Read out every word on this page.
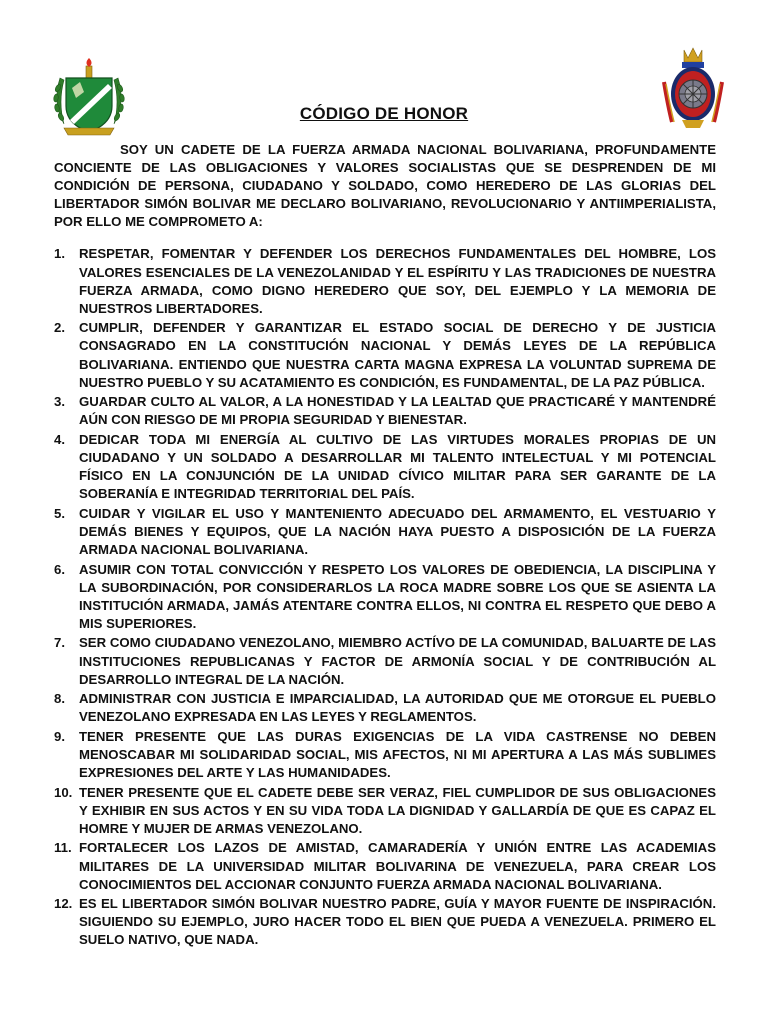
CÓDIGO DE HONOR

SOY UN CADETE DE LA FUERZA ARMADA NACIONAL BOLIVARIANA, PROFUNDAMENTE CONCIENTE DE LAS OBLIGACIONES Y VALORES SOCIALISTAS QUE SE DESPRENDEN DE MI CONDICIÓN DE PERSONA, CIUDADANO Y SOLDADO, COMO HEREDERO DE LAS GLORIAS DEL LIBERTADOR SIMÓN BOLIVAR ME DECLARO BOLIVARIANO, REVOLUCIONARIO Y ANTIIMPERIALISTA, POR ELLO ME COMPROMETO A:

1. RESPETAR, FOMENTAR Y DEFENDER LOS DERECHOS FUNDAMENTALES DEL HOMBRE, LOS VALORES ESENCIALES DE LA VENEZOLANIDAD Y EL ESPÍRITU Y LAS TRADICIONES DE NUESTRA FUERZA ARMADA, COMO DIGNO HEREDERO QUE SOY, DEL EJEMPLO Y LA MEMORIA DE NUESTROS LIBERTADORES.
2. CUMPLIR, DEFENDER Y GARANTIZAR EL ESTADO SOCIAL DE DERECHO Y DE JUSTICIA CONSAGRADO EN LA CONSTITUCIÓN NACIONAL Y DEMÁS LEYES DE LA REPÚBLICA BOLIVARIANA. ENTIENDO QUE NUESTRA CARTA MAGNA EXPRESA LA VOLUNTAD SUPREMA DE NUESTRO PUEBLO Y SU ACATAMIENTO ES CONDICIÓN, ES FUNDAMENTAL, DE LA PAZ PÚBLICA.
3. GUARDAR CULTO AL VALOR, A LA HONESTIDAD Y LA LEALTAD QUE PRACTICARÉ Y MANTENDRÉ AÚN CON RIESGO DE MI PROPIA SEGURIDAD Y BIENESTAR.
4. DEDICAR TODA MI ENERGÍA AL CULTIVO DE LAS VIRTUDES MORALES PROPIAS DE UN CIUDADANO Y UN SOLDADO A DESARROLLAR MI TALENTO INTELECTUAL Y MI POTENCIAL FÍSICO EN LA CONJUNCIÓN DE LA UNIDAD CÍVICO MILITAR PARA SER GARANTE DE LA SOBERANÍA E INTEGRIDAD TERRITORIAL DEL PAÍS.
5. CUIDAR Y VIGILAR EL USO Y MANTENIENTO ADECUADO DEL ARMAMENTO, EL VESTUARIO Y DEMÁS BIENES Y EQUIPOS, QUE LA NACIÓN HAYA PUESTO A DISPOSICIÓN DE LA FUERZA ARMADA NACIONAL BOLIVARIANA.
6. ASUMIR CON TOTAL CONVICCIÓN Y RESPETO LOS VALORES DE OBEDIENCIA, LA DISCIPLINA Y LA SUBORDINACIÓN, POR CONSIDERARLOS LA ROCA MADRE SOBRE LOS QUE SE ASIENTA LA INSTITUCIÓN ARMADA, JAMÁS ATENTARE CONTRA ELLOS, NI CONTRA EL RESPETO QUE DEBO A MIS SUPERIORES.
7. SER COMO CIUDADANO VENEZOLANO, MIEMBRO ACTÍVO DE LA COMUNIDAD, BALUARTE DE LAS INSTITUCIONES REPUBLICANAS Y FACTOR DE ARMONÍA SOCIAL Y DE CONTRIBUCIÓN AL DESARROLLO INTEGRAL DE LA NACIÓN.
8. ADMINISTRAR CON JUSTICIA E IMPARCIALIDAD, LA AUTORIDAD QUE ME OTORGUE EL PUEBLO VENEZOLANO EXPRESADA EN LAS LEYES Y REGLAMENTOS.
9. TENER PRESENTE QUE LAS DURAS EXIGENCIAS DE LA VIDA CASTRENSE NO DEBEN MENOSCABAR MI SOLIDARIDAD SOCIAL, MIS AFECTOS, NI MI APERTURA A LAS MÁS SUBLIMES EXPRESIONES DEL ARTE Y LAS HUMANIDADES.
10. TENER PRESENTE QUE EL CADETE DEBE SER VERAZ, FIEL CUMPLIDOR DE SUS OBLIGACIONES Y EXHIBIR EN SUS ACTOS Y EN SU VIDA TODA LA DIGNIDAD Y GALLARDÍA DE QUE ES CAPAZ EL HOMRE Y MUJER DE ARMAS VENEZOLANO.
11. FORTALECER LOS LAZOS DE AMISTAD, CAMARADERÍA Y UNIÓN ENTRE LAS ACADEMIAS MILITARES DE LA UNIVERSIDAD MILITAR BOLIVARINA DE VENEZUELA, PARA CREAR LOS CONOCIMIENTOS DEL ACCIONAR CONJUNTO FUERZA ARMADA NACIONAL BOLIVARIANA.
12. ES EL LIBERTADOR SIMÓN BOLIVAR NUESTRO PADRE, GUÍA Y MAYOR FUENTE DE INSPIRACIÓN. SIGUIENDO SU EJEMPLO, JURO HACER TODO EL BIEN QUE PUEDA A VENEZUELA. PRIMERO EL SUELO NATIVO, QUE NADA.
